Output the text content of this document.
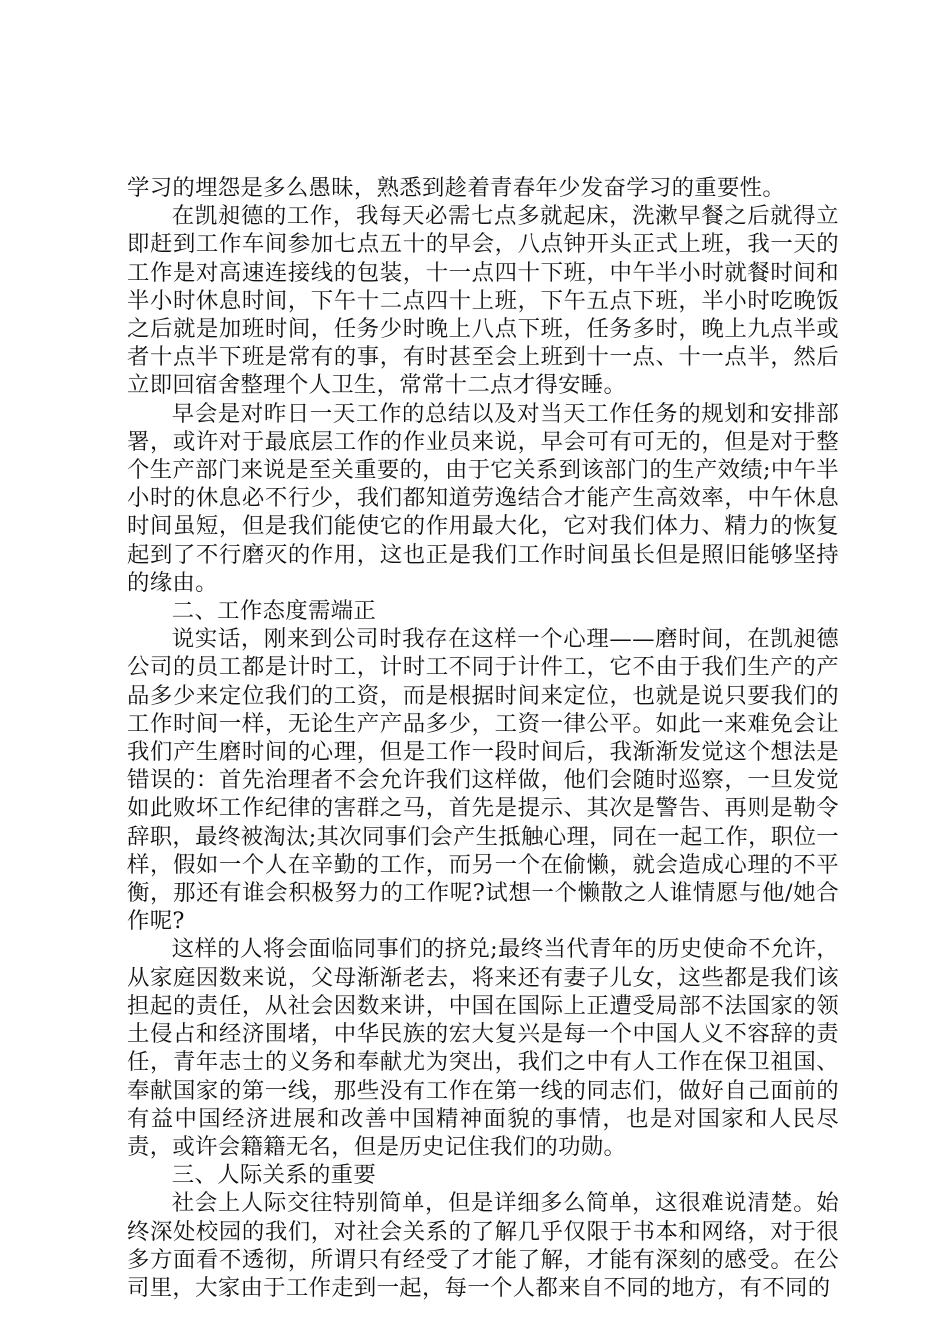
学习的埋怨是多么愚昧，熟悉到趁着青春年少发奋学习的重要性。

在凯昶德的工作，我每天必需七点多就起床，洗漱早餐之后就得立即赶到工作车间参加七点五十的早会，八点钟开头正式上班，我一天的工作是对高速连接线的包装，十一点四十下班，中午半小时就餐时间和半小时休息时间，下午十二点四十上班，下午五点下班，半小时吃晚饭之后就是加班时间，任务少时晚上八点下班，任务多时，晚上九点半或者十点半下班是常有的事，有时甚至会上班到十一点、十一点半，然后立即回宿舍整理个人卫生，常常十二点才得安睡。

早会是对昨日一天工作的总结以及对当天工作任务的规划和安排部署，或许对于最底层工作的作业员来说，早会可有可无的，但是对于整个生产部门来说是至关重要的，由于它关系到该部门的生产效绩;中午半小时的休息必不行少，我们都知道劳逸结合才能产生高效率，中午休息时间虽短，但是我们能使它的作用最大化，它对我们体力、精力的恢复起到了不行磨灭的作用，这也正是我们工作时间虽长但是照旧能够坚持的缘由。

二、工作态度需端正

说实话，刚来到公司时我存在这样一个心理——磨时间，在凯昶德公司的员工都是计时工，计时工不同于计件工，它不由于我们生产的产品多少来定位我们的工资，而是根据时间来定位，也就是说只要我们的工作时间一样，无论生产产品多少，工资一律公平。如此一来难免会让我们产生磨时间的心理，但是工作一段时间后，我渐渐发觉这个想法是错误的：首先治理者不会允许我们这样做，他们会随时巡察，一旦发觉如此败坏工作纪律的害群之马，首先是提示、其次是警告、再则是勒令辞职，最终被淘汰;其次同事们会产生抵触心理，同在一起工作，职位一样，假如一个人在辛勤的工作，而另一个在偷懒，就会造成心理的不平衡，那还有谁会积极努力的工作呢?试想一个懒散之人谁情愿与他/她合作呢?

这样的人将会面临同事们的挤兑;最终当代青年的历史使命不允许，从家庭因数来说，父母渐渐老去，将来还有妻子儿女，这些都是我们该担起的责任，从社会因数来讲，中国在国际上正遭受局部不法国家的领土侵占和经济围堵，中华民族的宏大复兴是每一个中国人义不容辞的责任，青年志士的义务和奉献尤为突出，我们之中有人工作在保卫祖国、奉献国家的第一线，那些没有工作在第一线的同志们，做好自己面前的有益中国经济进展和改善中国精神面貌的事情，也是对国家和人民尽责，或许会籍籍无名，但是历史记住我们的功勋。

三、人际关系的重要

社会上人际交往特别简单，但是详细多么简单，这很难说清楚。始终深处校园的我们，对社会关系的了解几乎仅限于书本和网络，对于很多方面看不透彻，所谓只有经受了才能了解，才能有深刻的感受。在公司里，大家由于工作走到一起，每一个人都来自不同的地方，有不同的
